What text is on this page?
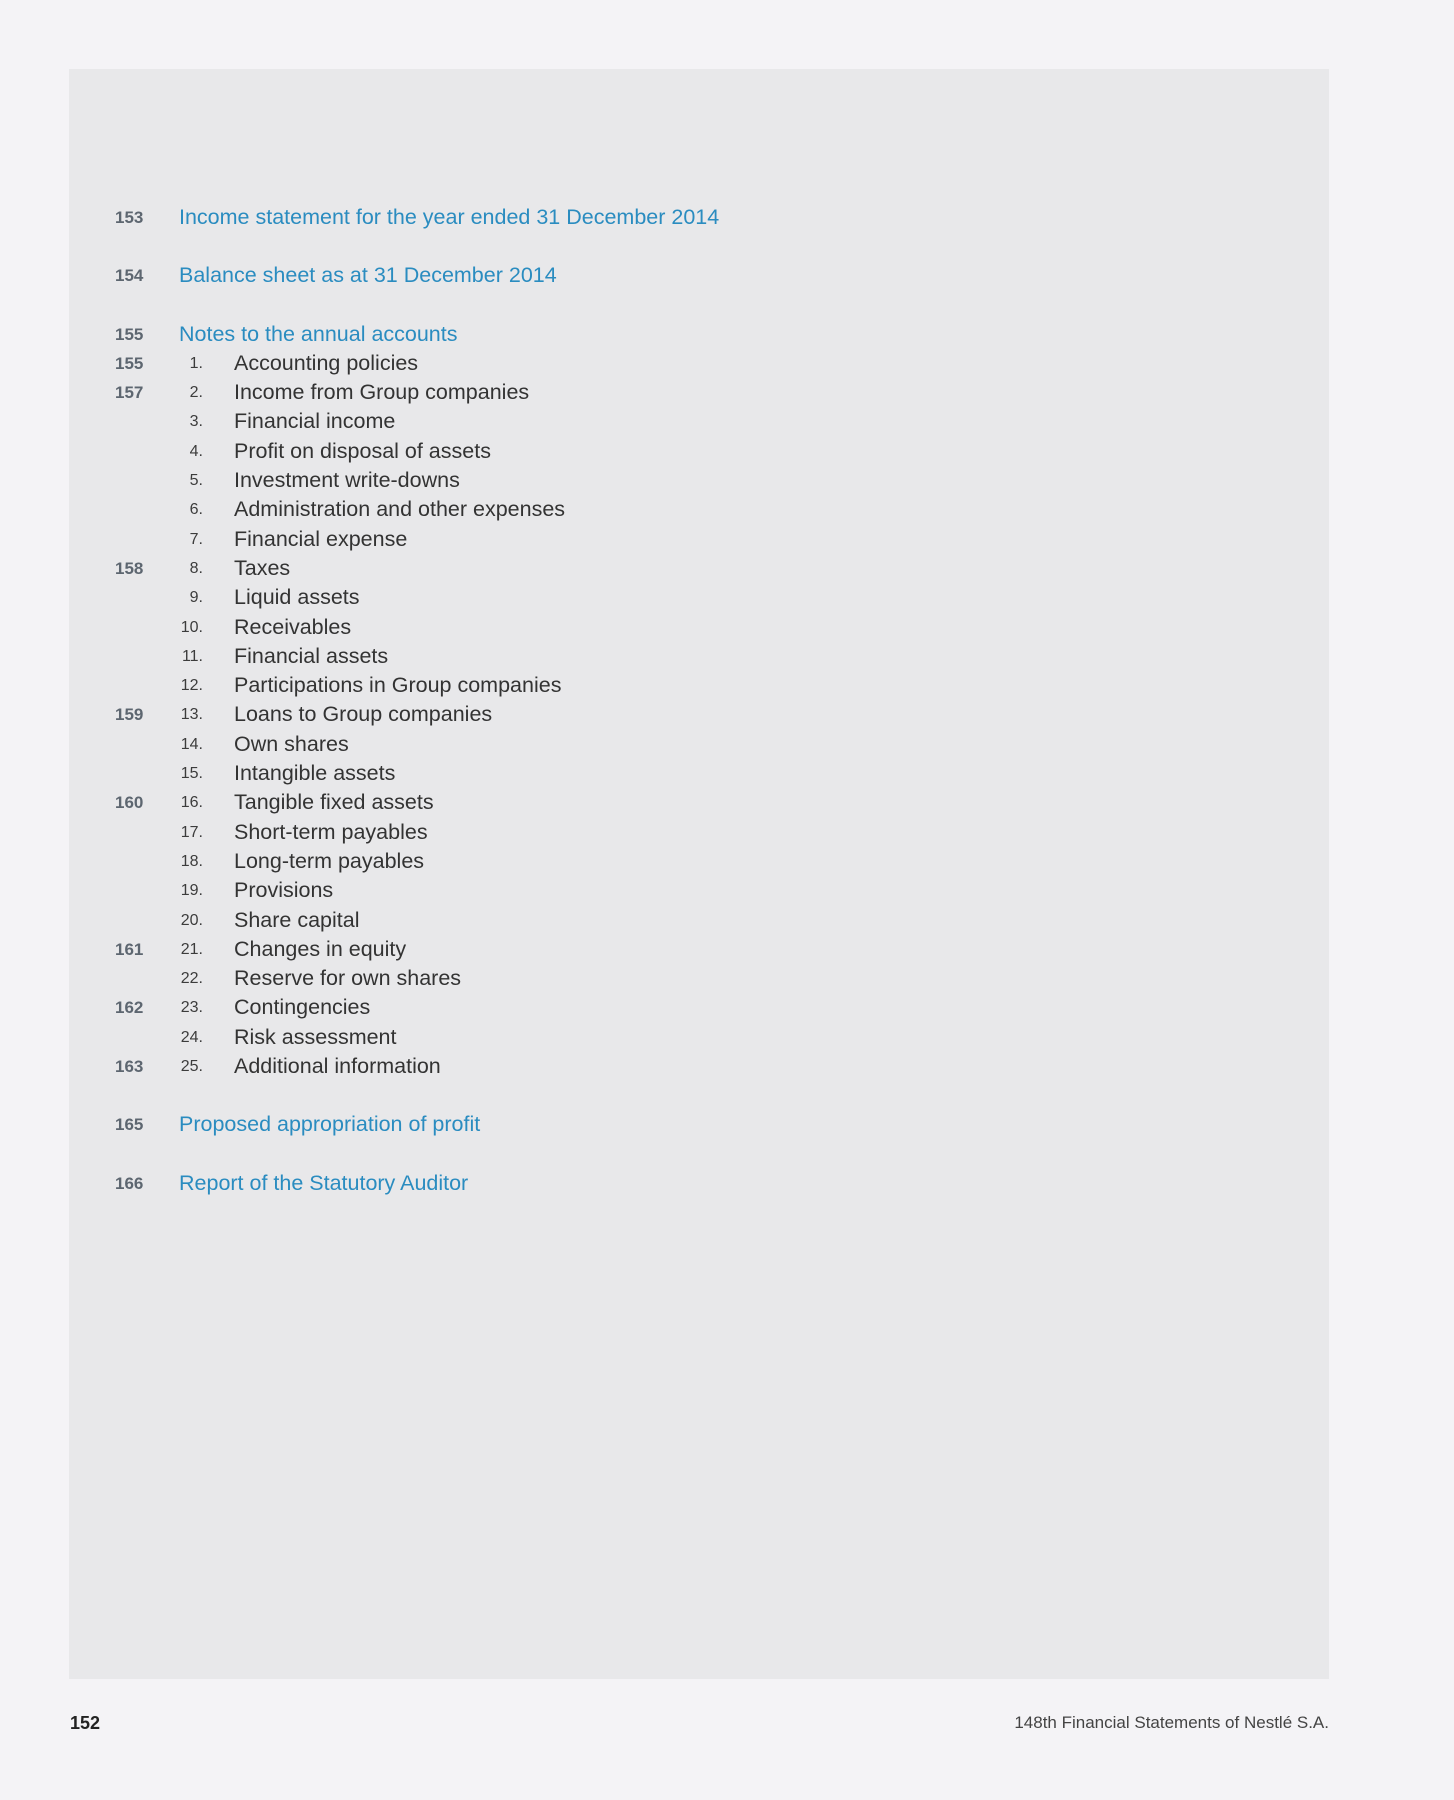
153	Income statement for the year ended 31 December 2014
154	Balance sheet as at 31 December 2014
155	Notes to the annual accounts
155	1. Accounting policies
157	2. Income from Group companies
3. Financial income
4. Profit on disposal of assets
5. Investment write-downs
6. Administration and other expenses
7. Financial expense
158	8. Taxes
9. Liquid assets
10. Receivables
11. Financial assets
12. Participations in Group companies
159	13. Loans to Group companies
14. Own shares
15. Intangible assets
160	16. Tangible fixed assets
17. Short-term payables
18. Long-term payables
19. Provisions
20. Share capital
161	21. Changes in equity
22. Reserve for own shares
162	23. Contingencies
24. Risk assessment
163	25. Additional information
165	Proposed appropriation of profit
166	Report of the Statutory Auditor
152	148th Financial Statements of Nestlé S.A.
